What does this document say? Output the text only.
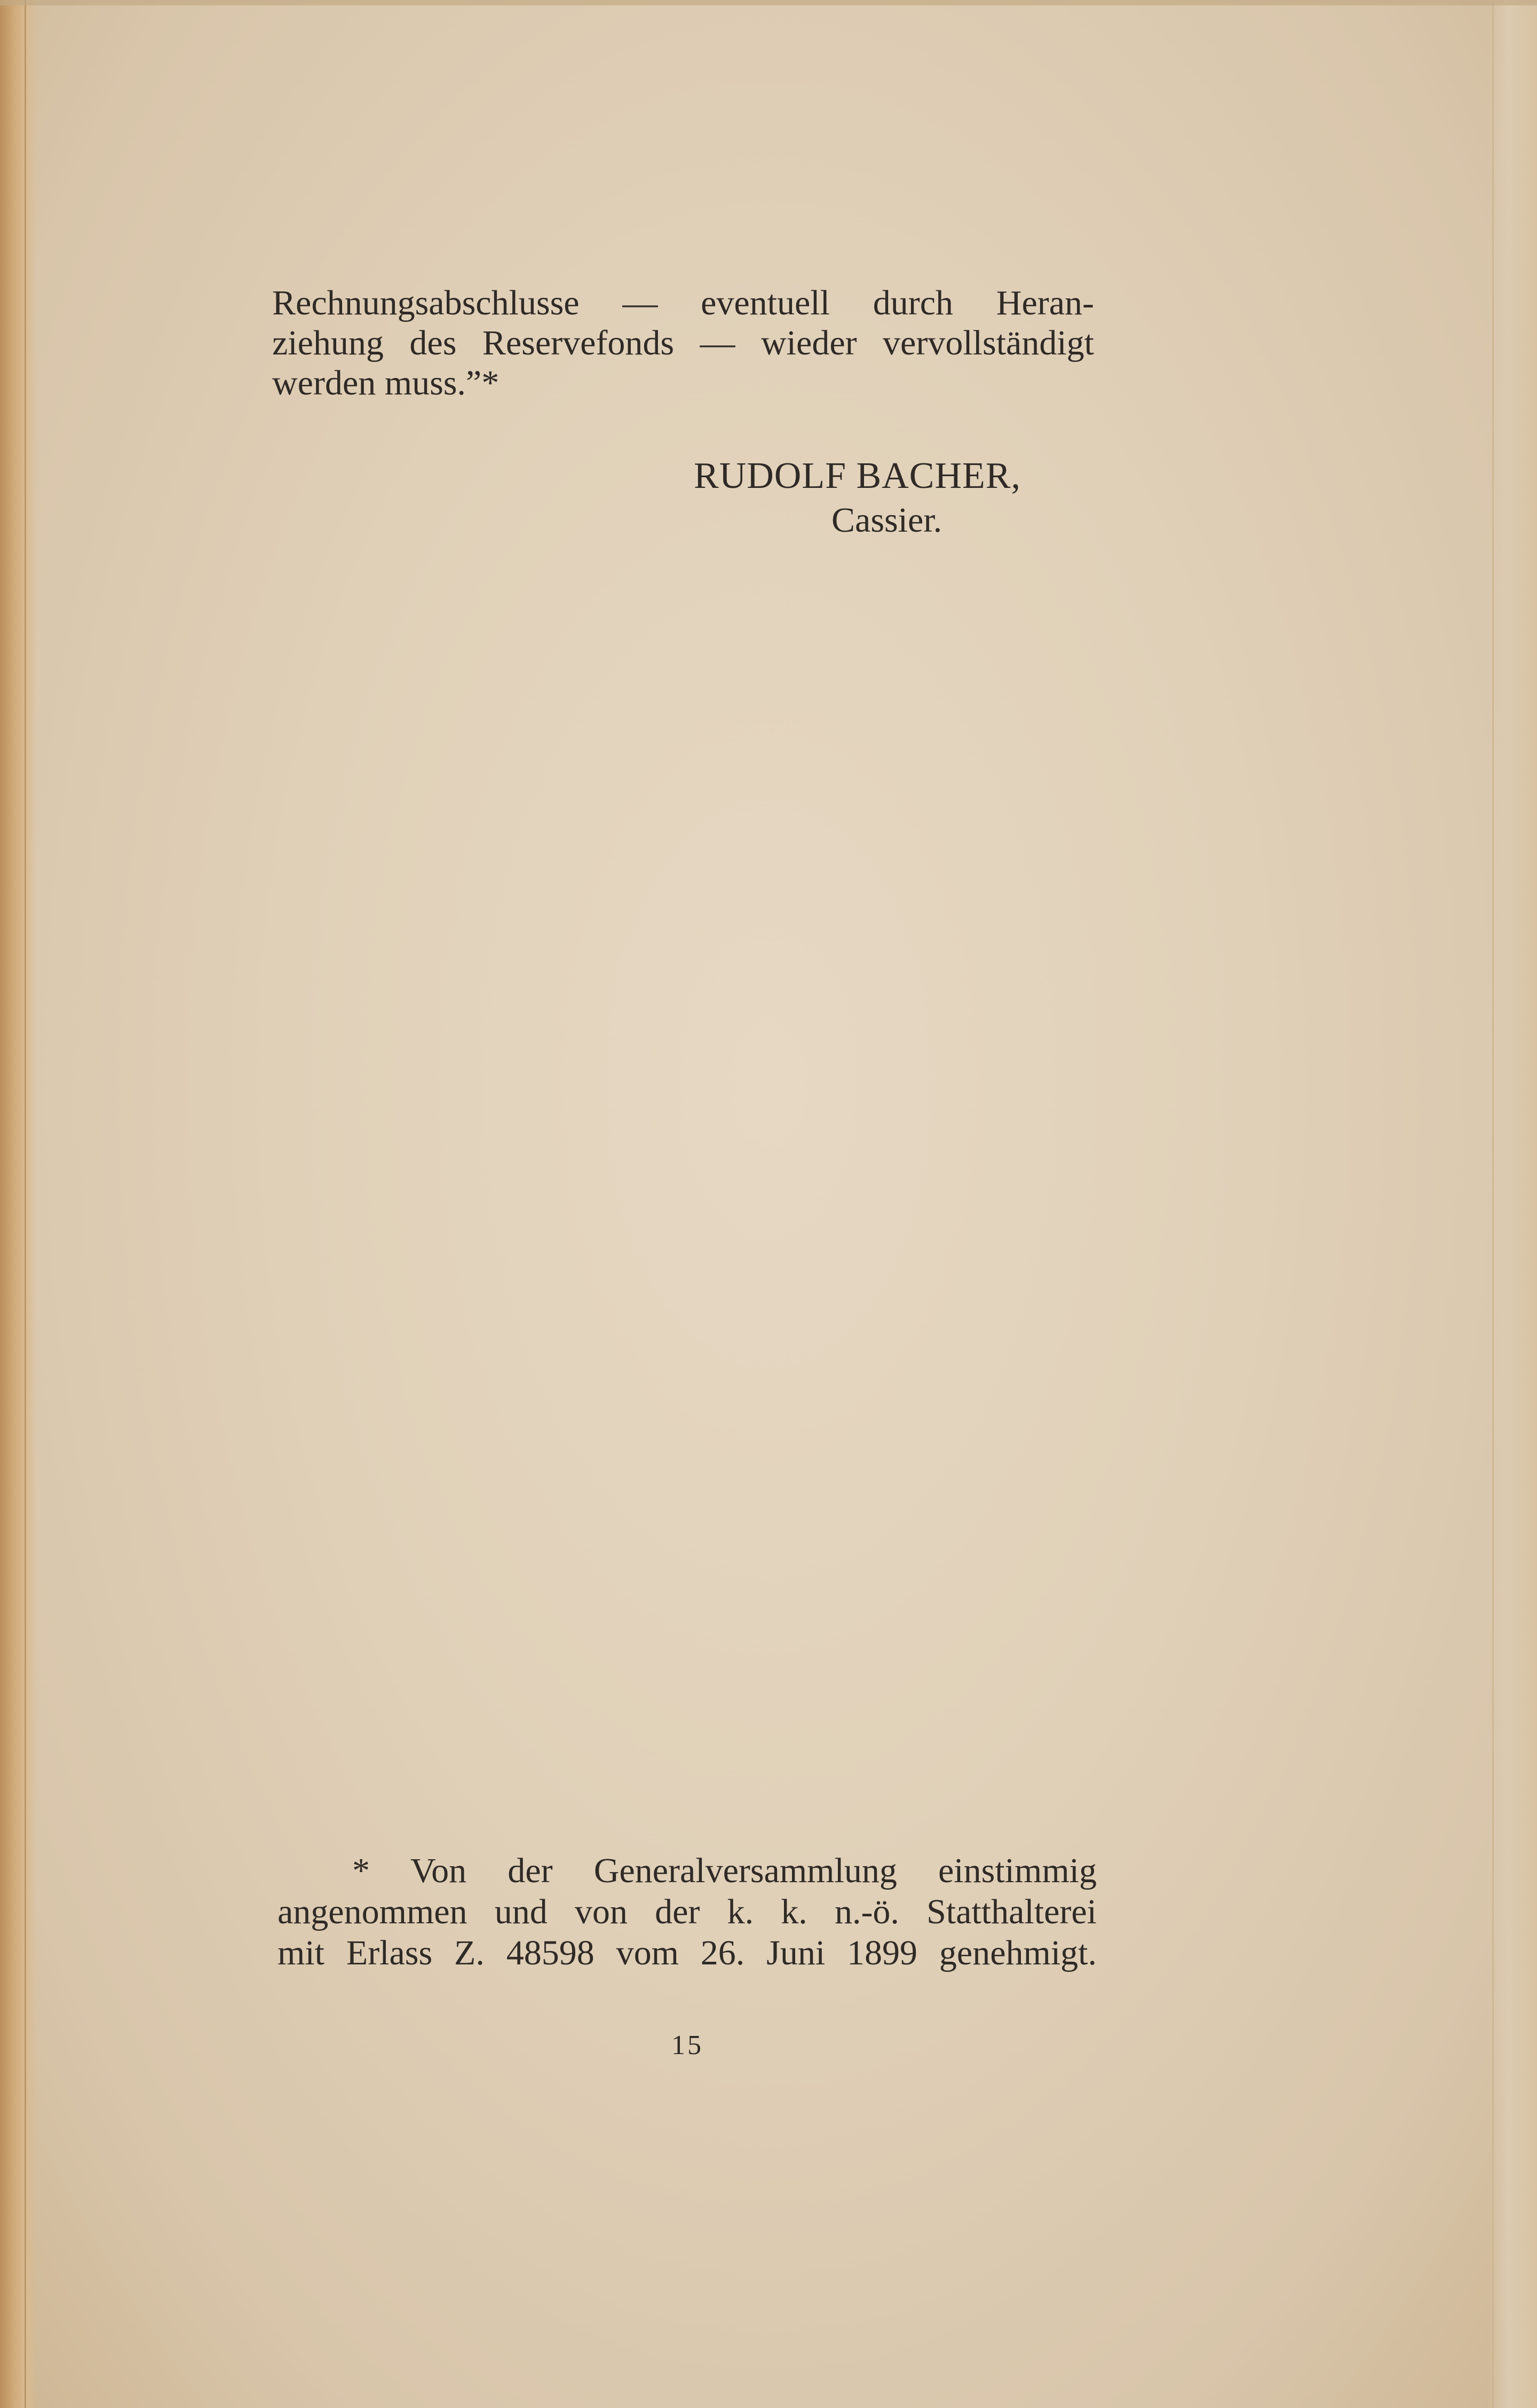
Rechnungsabschlusse — eventuell durch Heran‑
ziehung des Reservefonds — wieder vervollständigt
werden muss.”*
RUDOLF BACHER,
Cassier.
* Von der Generalversammlung einstimmig
angenommen und von der k. k. n.-ö. Statthalterei
mit Erlass Z. 48598 vom 26. Juni 1899 genehmigt.
15
